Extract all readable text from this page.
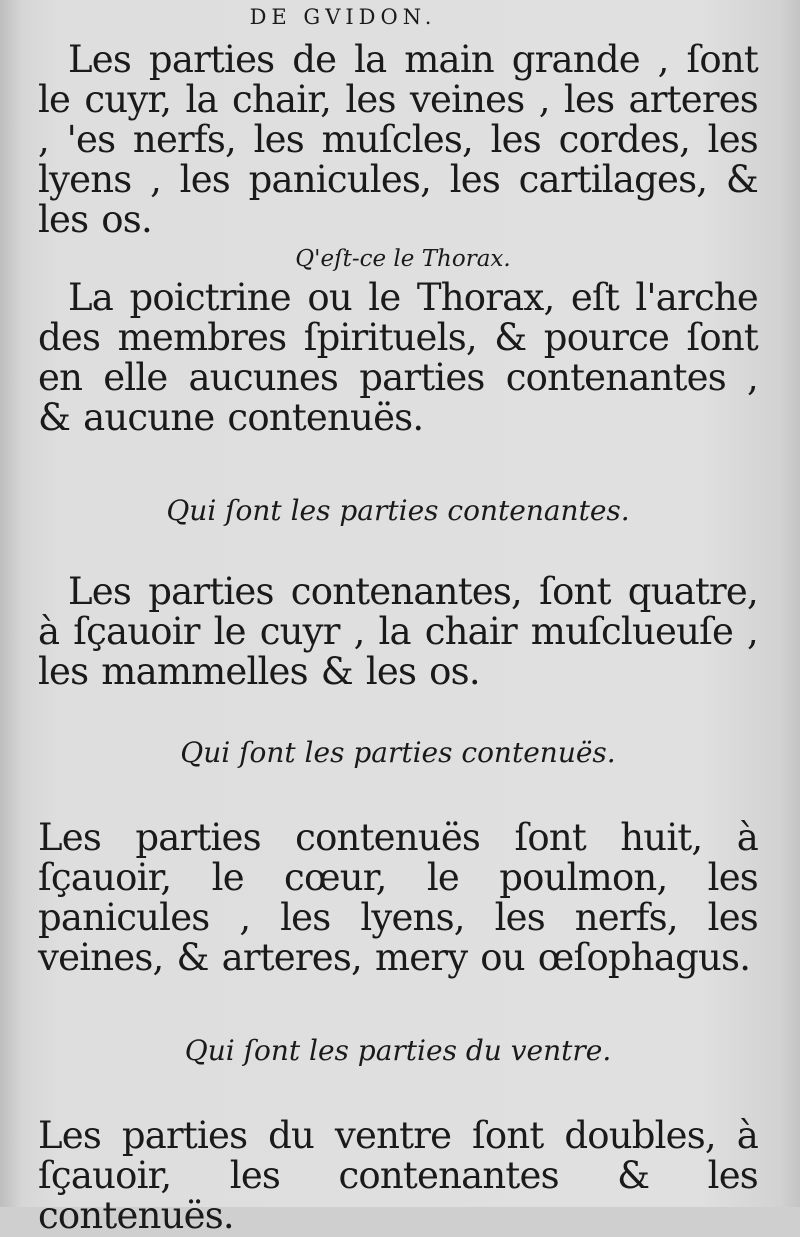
DE GVIDON.

Les parties de la main grande , ſont le cuyr, la chair, les veines , les arteres , 'es nerfs, les muſcles, les cordes, les lyens , les panicules, les cartilages, & les os.

Q'eſt-ce le Thorax.

La poictrine ou le Thorax, eſt l'arche des membres ſpirituels, & pource ſont en elle aucunes parties contenantes , & aucune contenuës.

Qui ſont les parties contenantes.

Les parties contenantes, ſont quatre, à ſçauoir le cuyr , la chair muſclueuſe , les mammelles & les os.

Qui ſont les parties contenuës.

Les parties contenuës ſont huit, à ſçauoir, le cœur, le poulmon, les panicules , les lyens, les nerfs, les veines, & arteres, mery ou œſophagus.

Qui ſont les parties du ventre.

Les parties du ventre ſont doubles, à ſçauoir, les contenantes & les contenuës.
